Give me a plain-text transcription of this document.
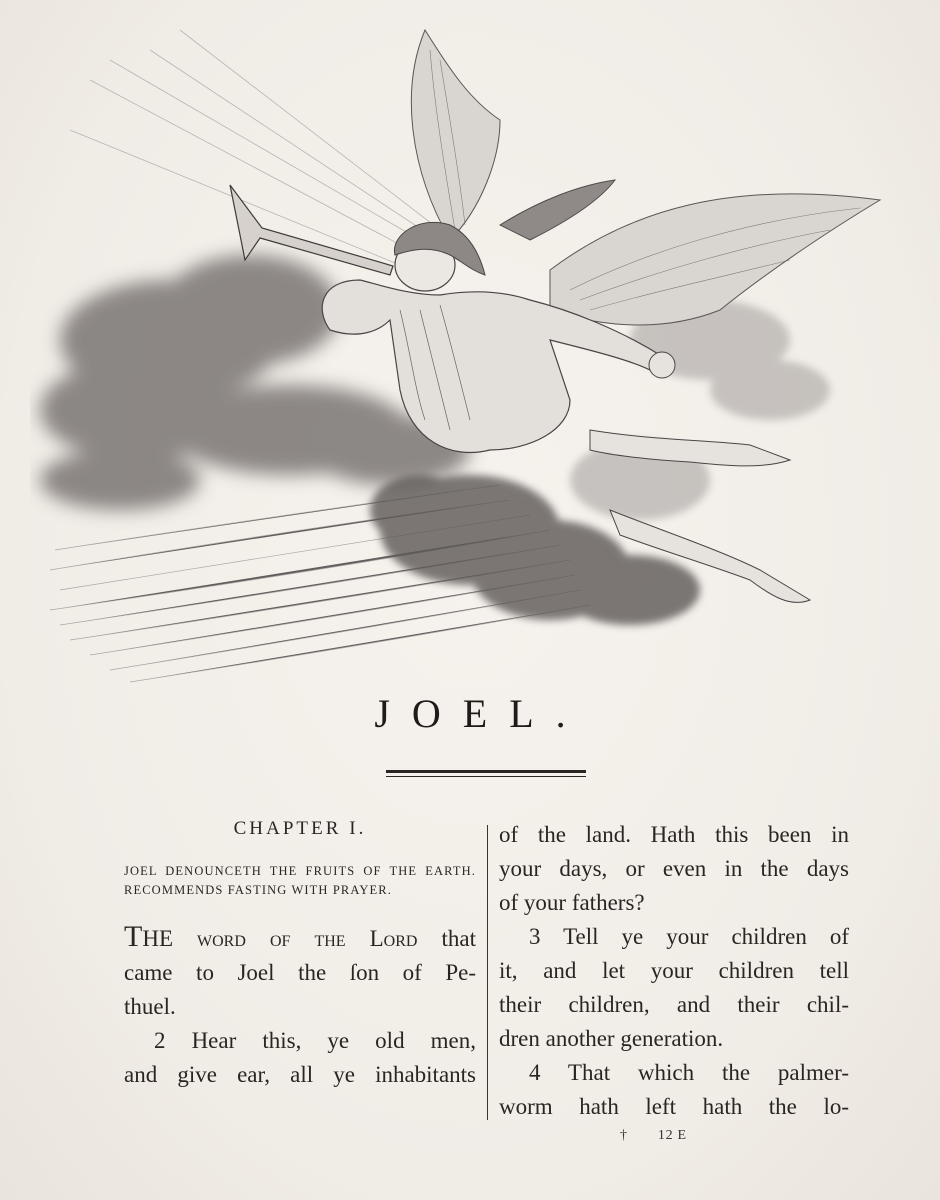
JOEL.
CHAPTER I.
JOEL DENOUNCETH THE FRUITS OF THE EARTH. RECOMMENDS FASTING WITH PRAYER.
THE word of the Lord that
came to Joel the ſon of Pe-
thuel.
2 Hear this, ye old men,
and give ear, all ye inhabitants
of the land. Hath this been in
your days, or even in the days
of your fathers?
3 Tell ye your children of
it, and let your children tell
their children, and their chil-
dren another generation.
4 That which the palmer-
worm hath left hath the lo-
† 12 E
